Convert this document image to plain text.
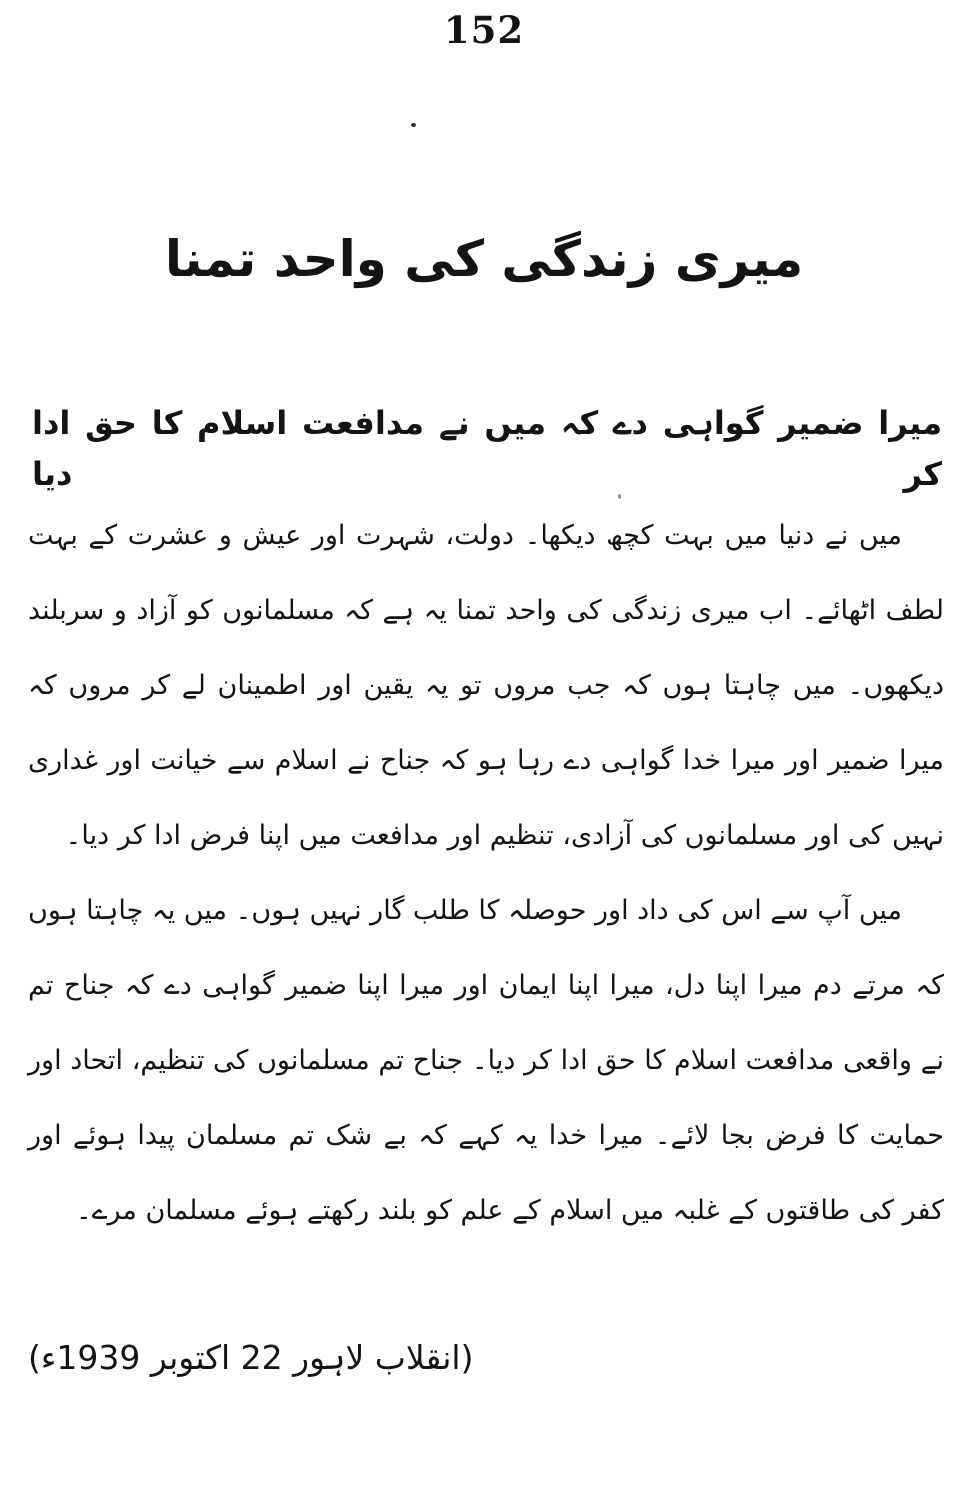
152
میری زندگی کی واحد تمنا
میرا ضمیر گواہی دے کہ میں نے مدافعت اسلام کا حق ادا کر دیا

میں نے دنیا میں بہت کچھ دیکھا۔ دولت، شہرت اور عیش و عشرت کے بہت لطف اٹھائے۔ اب میری زندگی کی واحد تمنا یہ ہے کہ مسلمانوں کو آزاد و سربلند دیکھوں۔ میں چاہتا ہوں کہ جب مروں تو یہ یقین اور اطمینان لے کر مروں کہ میرا ضمیر اور میرا خدا گواہی دے رہا ہو کہ جناح نے اسلام سے خیانت اور غداری نہیں کی اور مسلمانوں کی آزادی، تنظیم اور مدافعت میں اپنا فرض ادا کر دیا۔

میں آپ سے اس کی داد اور حوصلہ کا طلب گار نہیں ہوں۔ میں یہ چاہتا ہوں کہ مرتے دم میرا اپنا دل، میرا اپنا ایمان اور میرا اپنا ضمیر گواہی دے کہ جناح تم نے واقعی مدافعت اسلام کا حق ادا کر دیا۔ جناح تم مسلمانوں کی تنظیم، اتحاد اور حمایت کا فرض بجا لائے۔ میرا خدا یہ کہے کہ بے شک تم مسلمان پیدا ہوئے اور کفر کی طاقتوں کے غلبہ میں اسلام کے علم کو بلند رکھتے ہوئے مسلمان مرے۔

(انقلاب لاہور 22 اکتوبر 1939ء)
